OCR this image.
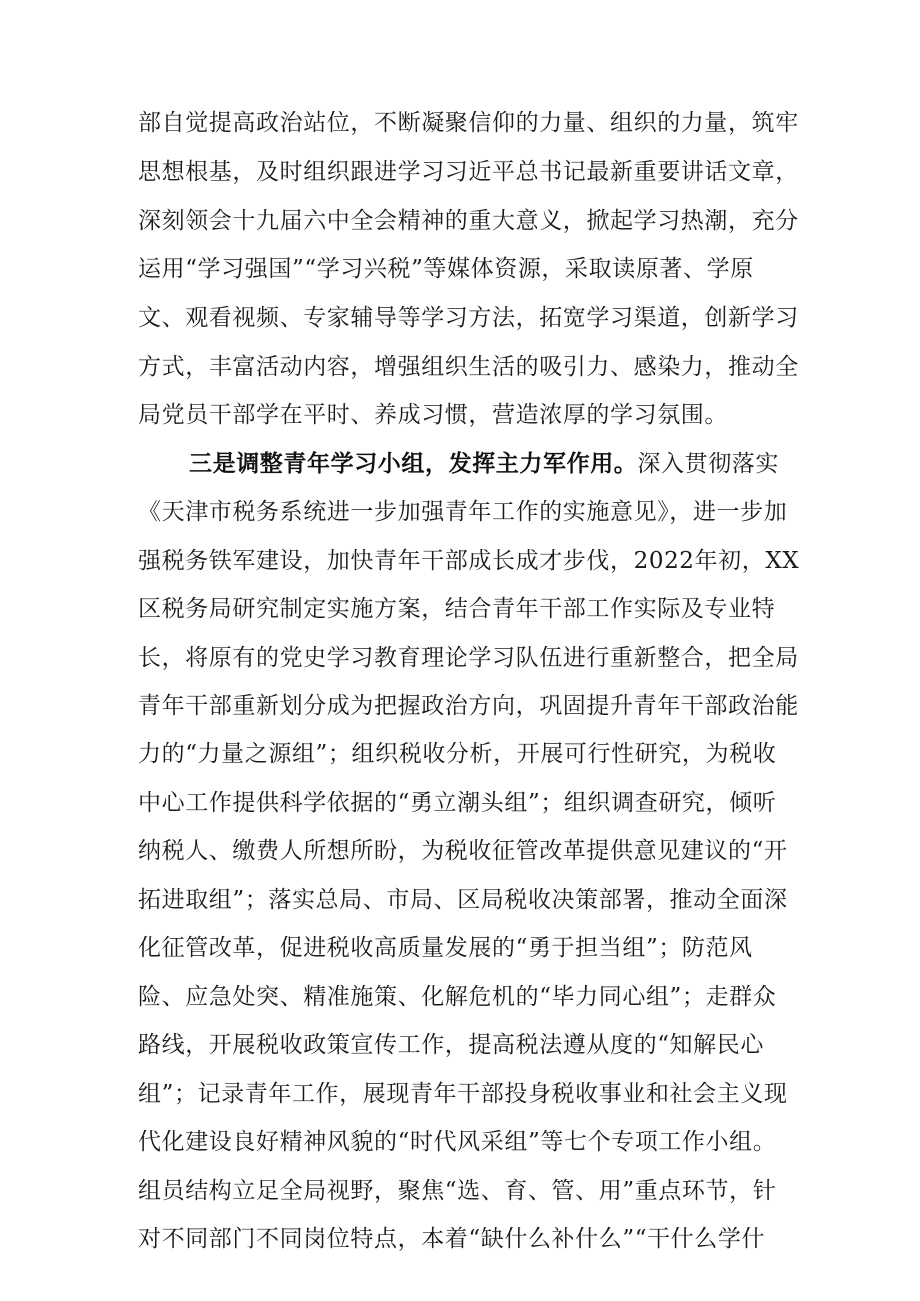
部自觉提高政治站位，不断凝聚信仰的力量、组织的力量，筑牢
思想根基，及时组织跟进学习习近平总书记最新重要讲话文章，
深刻领会十九届六中全会精神的重大意义，掀起学习热潮，充分
运用“学习强国”“学习兴税”等媒体资源，采取读原著、学原
文、观看视频、专家辅导等学习方法，拓宽学习渠道，创新学习
方式，丰富活动内容，增强组织生活的吸引力、感染力，推动全
局党员干部学在平时、养成习惯，营造浓厚的学习氛围。
三是调整青年学习小组，发挥主力军作用。深入贯彻落实
《天津市税务系统进一步加强青年工作的实施意见》，进一步加
强税务铁军建设，加快青年干部成长成才步伐，2022年初，XX
区税务局研究制定实施方案，结合青年干部工作实际及专业特
长，将原有的党史学习教育理论学习队伍进行重新整合，把全局
青年干部重新划分成为把握政治方向，巩固提升青年干部政治能
力的“力量之源组”；组织税收分析，开展可行性研究，为税收
中心工作提供科学依据的“勇立潮头组”；组织调查研究，倾听
纳税人、缴费人所想所盼，为税收征管改革提供意见建议的“开
拓进取组”；落实总局、市局、区局税收决策部署，推动全面深
化征管改革，促进税收高质量发展的“勇于担当组”；防范风
险、应急处突、精准施策、化解危机的“毕力同心组”；走群众
路线，开展税收政策宣传工作，提高税法遵从度的“知解民心
组”；记录青年工作，展现青年干部投身税收事业和社会主义现
代化建设良好精神风貌的“时代风采组”等七个专项工作小组。
组员结构立足全局视野，聚焦“选、育、管、用”重点环节，针
对不同部门不同岗位特点，本着“缺什么补什么”“干什么学什
